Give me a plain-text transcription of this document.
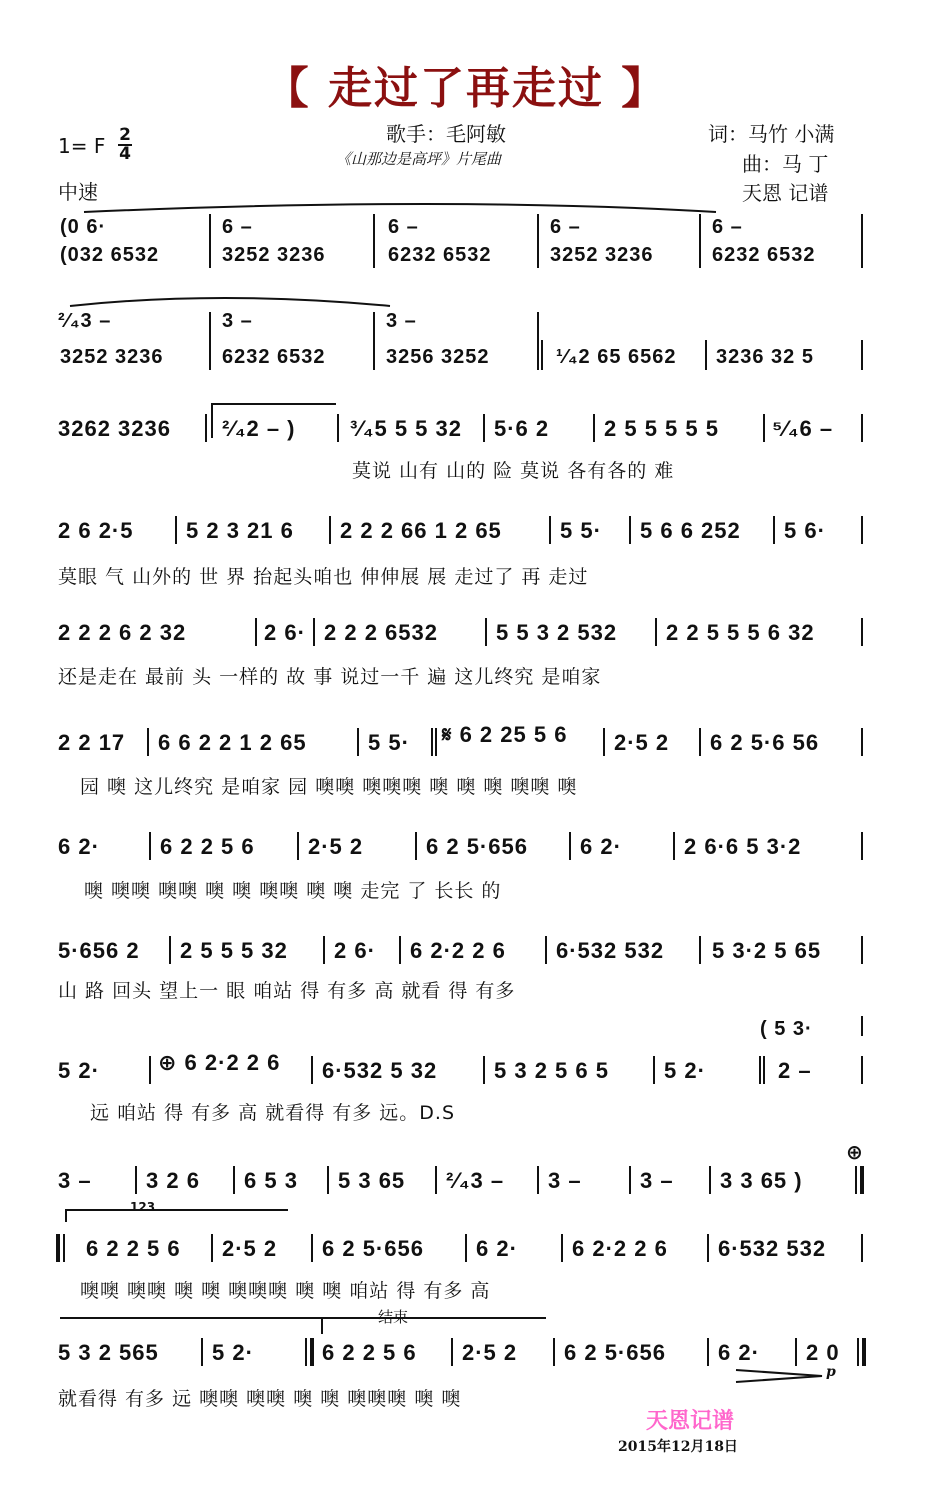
【 走过了再走过 】
1= F 2
4
中速
歌手：毛阿敏
《山那边是高坪》片尾曲
词：马竹 小满
曲：马 丁
天恩 记谱
(0 6·	6 –	6 –	6 –	6 –
(032 6532	3252 3236	6232 6532	3252 3236	6232 6532
²⁄₄3 –	3 –	3 –
3252 3236	6232 6532	3256 3252	¹⁄₄2 65 6562 3236 32 5
3262 3236 ²⁄₄2 – ) ³⁄₄5 5 5 32 5·6 2 2 5 5 5 5 5 ⁵⁄₄6 –
莫说 山有 山的 险 莫说 各有各的 难
2 6 2·5 5 2 3 21 6 2 2 2 66 1 2 65	5 5· 5 6 6 252 5 6·
莫眼 气 山外的 世 界 抬起头咱也 伸伸展 展 走过了 再 走过
2 2 2 6 2 32	2 6· 2 2 2 6532	5 5 3 2 532 2 2 5 5 5 6 32
还是走在 最前 头 一样的 故 事 说过一千 遍 这儿终究 是咱家
2 2 17 6 6 2 2 1 2 65	5 5· 𝄋 6 2 25 5 6 2·5 2 6 2 5·6 56
园 噢 这儿终究 是咱家 园 噢噢 噢噢噢 噢 噢 噢 噢噢 噢
6 2·	6 2 2 5 6 2·5 2	6 2 5·656 6 2·	2 6·6 5 3·2
噢 噢噢 噢噢 噢 噢 噢噢 噢 噢 走完 了 长长 的
5·656 2 2 5 5 5 32 2 6· 6 2·2 2 6 6·532 532 5 3·2 5 65
山 路 回头 望上一 眼 咱站 得 有多 高 就看 得 有多
( 5 3·
5 2·	⊕ 6 2·2 2 6 6·532 5 32	5 3 2 5 6 5	5 2·	2 –
远 咱站 得 有多 高 就看得 有多 远。D.S
⊕
3 – 3 2 6 6 5 3 5 3 65 ²⁄₄3 – 3 –	3 – 3 3 65 )
123
6 2 2 5 6 2·5 2 6 2 5·656 6 2· 6 2·2 2 6 6·532 532
噢噢 噢噢 噢 噢 噢噢噢 噢 噢 咱站 得 有多 高
结束
5 3 2 565 5 2·	6 2 2 5 6 2·5 2 6 2 5·656 6 2· 2 0
p
就看得 有多 远 噢噢 噢噢 噢 噢 噢噢噢 噢 噢
天恩记谱
2015年12月18日
